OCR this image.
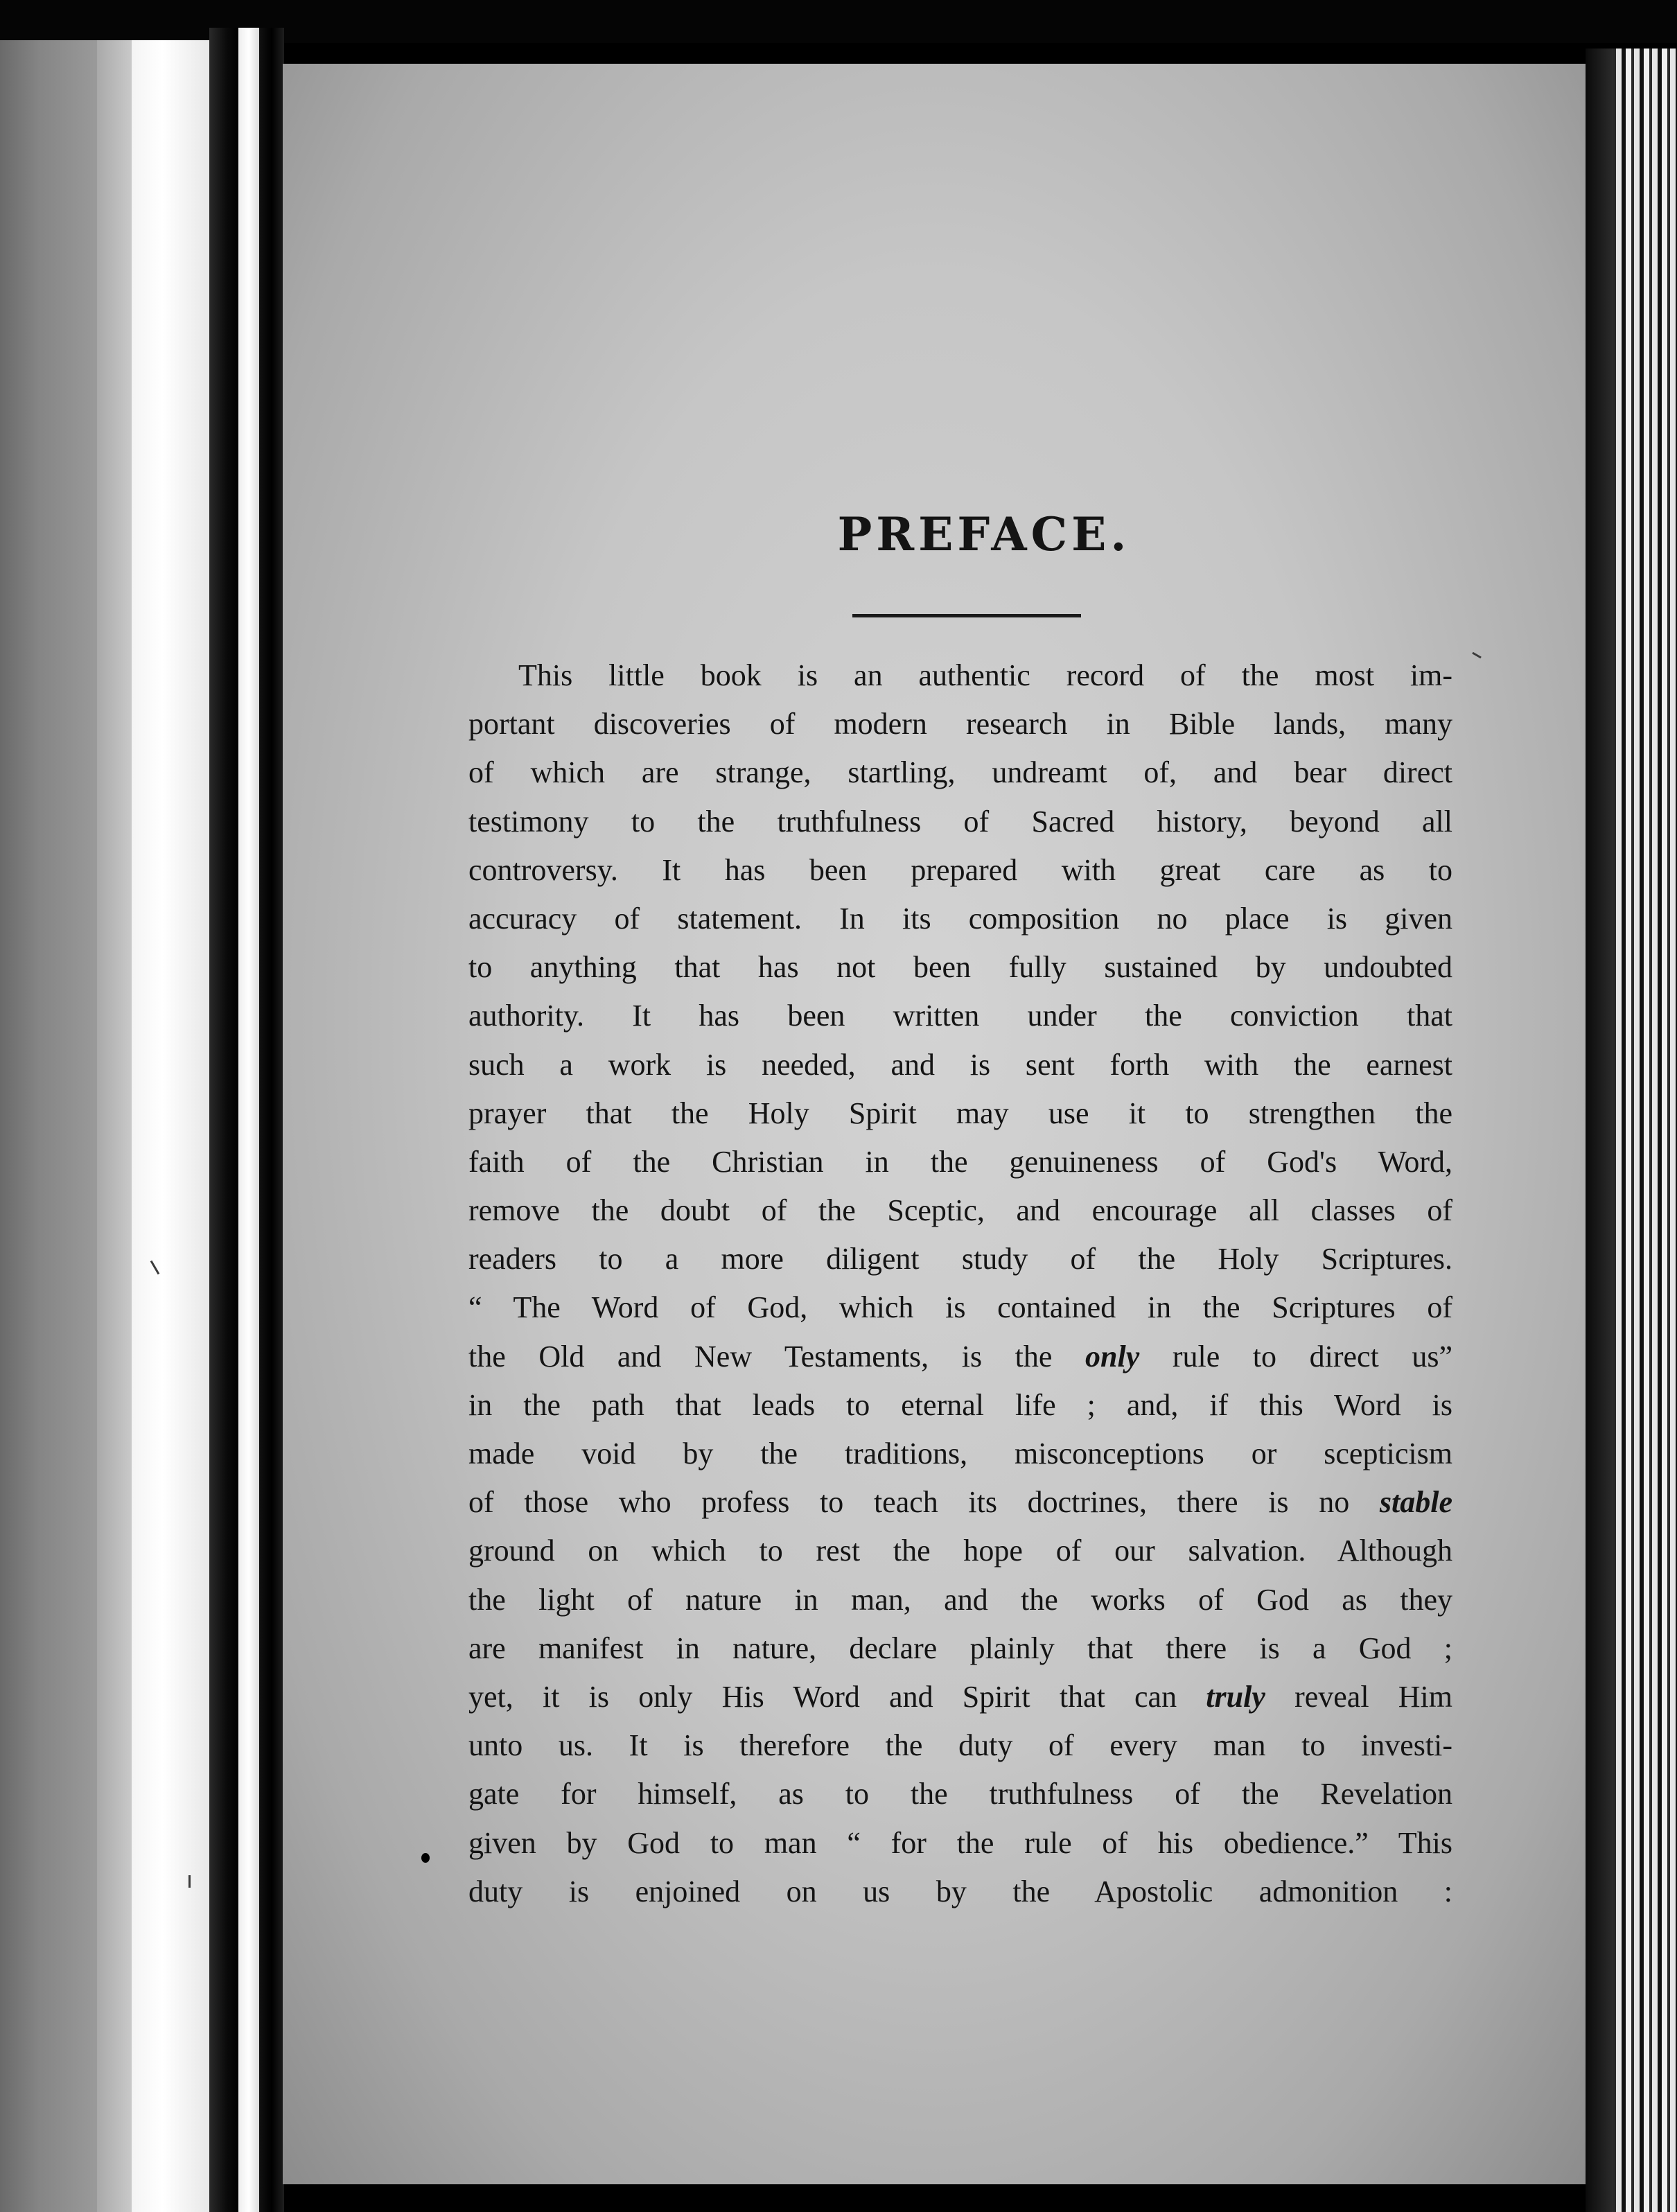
PREFACE.
This little book is an authentic record of the most im-
portant discoveries of modern research in Bible lands, many
of which are strange, startling, undreamt of, and bear direct
testimony to the truthfulness of Sacred history, beyond all
controversy. It has been prepared with great care as to
accuracy of statement. In its composition no place is given
to anything that has not been fully sustained by undoubted
authority. It has been written under the conviction that
such a work is needed, and is sent forth with the earnest
prayer that the Holy Spirit may use it to strengthen the
faith of the Christian in the genuineness of God's Word,
remove the doubt of the Sceptic, and encourage all classes of
readers to a more diligent study of the Holy Scriptures.
“ The Word of God, which is contained in the Scriptures of
the Old and New Testaments, is the only rule to direct us”
in the path that leads to eternal life ; and, if this Word is
made void by the traditions, misconceptions or scepticism
of those who profess to teach its doctrines, there is no stable
ground on which to rest the hope of our salvation. Although
the light of nature in man, and the works of God as they
are manifest in nature, declare plainly that there is a God ;
yet, it is only His Word and Spirit that can truly reveal Him
unto us. It is therefore the duty of every man to investi-
gate for himself, as to the truthfulness of the Revelation
given by God to man “ for the rule of his obedience.” This
duty is enjoined on us by the Apostolic admonition :
